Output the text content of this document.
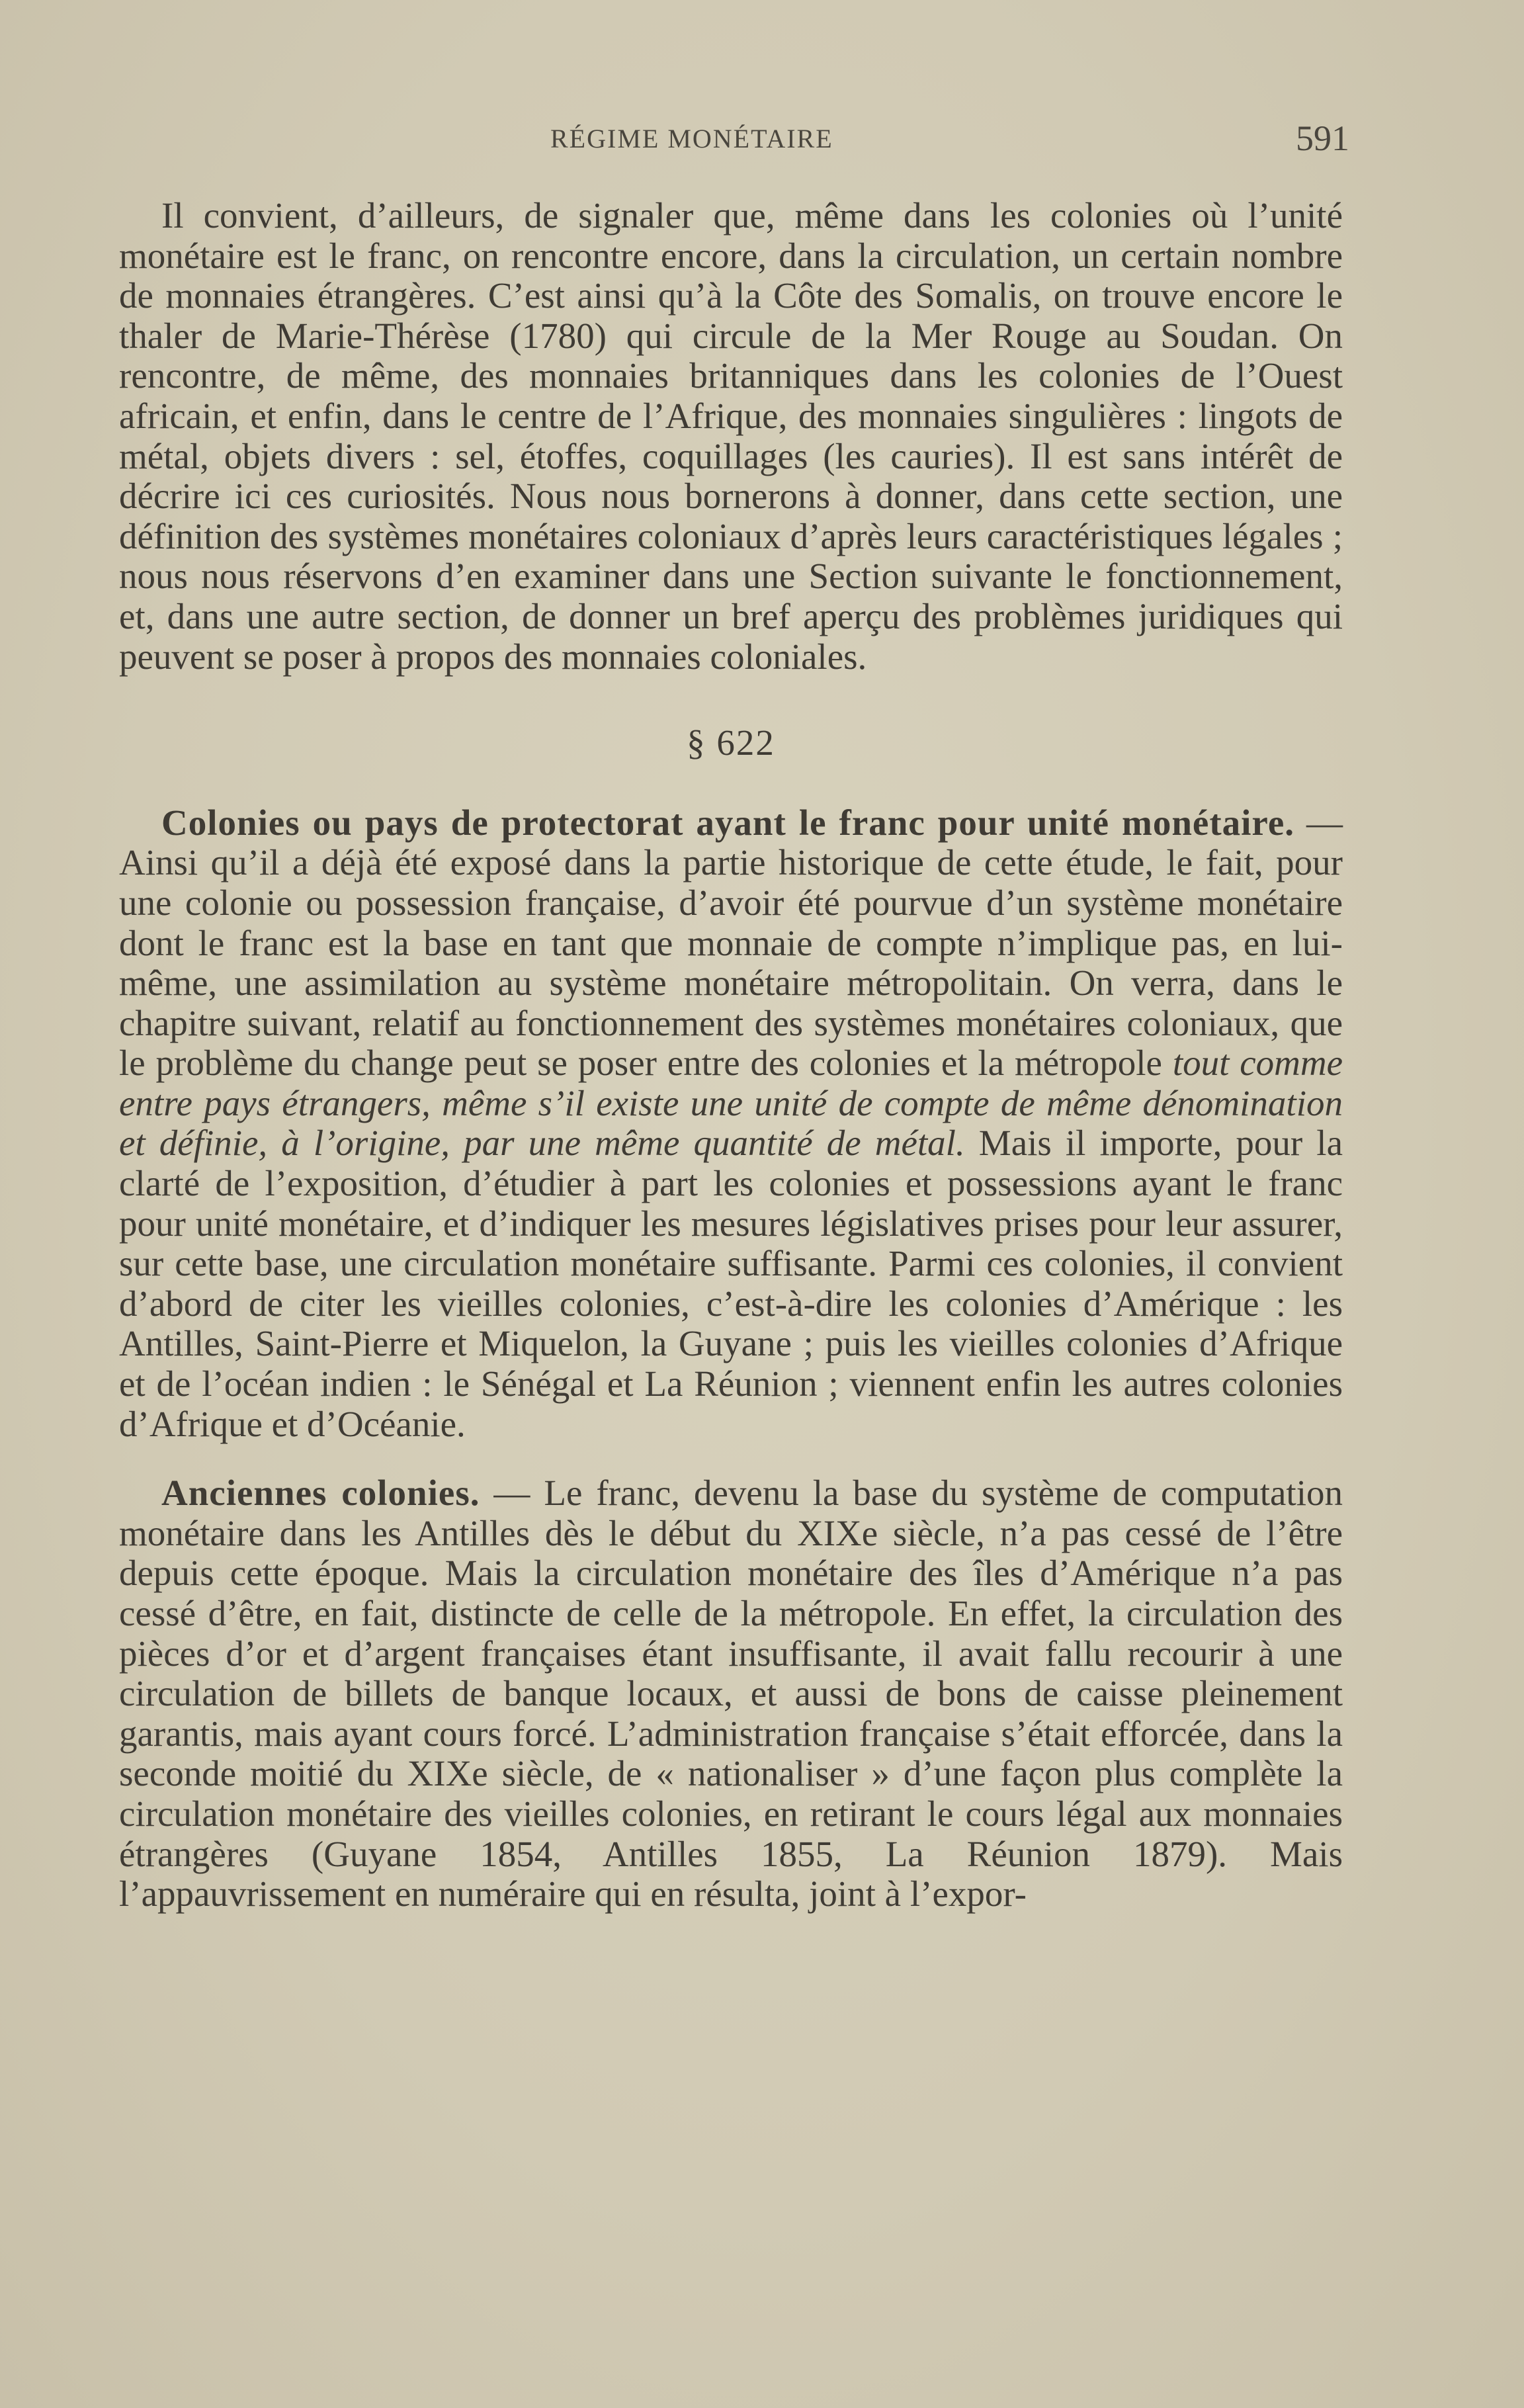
RÉGIME MONÉTAIRE	591

Il convient, d’ailleurs, de signaler que, même dans les colonies où l’unité monétaire est le franc, on rencontre encore, dans la circulation, un certain nombre de monnaies étrangères. C’est ainsi qu’à la Côte des Somalis, on trouve encore le thaler de Marie-Thérèse (1780) qui circule de la Mer Rouge au Soudan. On rencontre, de même, des monnaies britanniques dans les colonies de l’Ouest africain, et enfin, dans le centre de l’Afrique, des monnaies singulières : lingots de métal, objets divers : sel, étoffes, coquillages (les cauries). Il est sans intérêt de décrire ici ces curiosités. Nous nous bornerons à donner, dans cette section, une définition des systèmes monétaires coloniaux d’après leurs caractéristiques légales ; nous nous réservons d’en examiner dans une Section suivante le fonctionnement, et, dans une autre section, de donner un bref aperçu des problèmes juridiques qui peuvent se poser à propos des monnaies coloniales.

§ 622

Colonies ou pays de protectorat ayant le franc pour unité monétaire. — Ainsi qu’il a déjà été exposé dans la partie historique de cette étude, le fait, pour une colonie ou possession française, d’avoir été pourvue d’un système monétaire dont le franc est la base en tant que monnaie de compte n’implique pas, en lui-même, une assimilation au système monétaire métropolitain. On verra, dans le chapitre suivant, relatif au fonctionnement des systèmes monétaires coloniaux, que le problème du change peut se poser entre des colonies et la métropole tout comme entre pays étrangers, même s’il existe une unité de compte de même dénomination et définie, à l’origine, par une même quantité de métal. Mais il importe, pour la clarté de l’exposition, d’étudier à part les colonies et possessions ayant le franc pour unité monétaire, et d’indiquer les mesures législatives prises pour leur assurer, sur cette base, une circulation monétaire suffisante. Parmi ces colonies, il convient d’abord de citer les vieilles colonies, c’est-à-dire les colonies d’Amérique : les Antilles, Saint-Pierre et Miquelon, la Guyane ; puis les vieilles colonies d’Afrique et de l’océan indien : le Sénégal et La Réunion ; viennent enfin les autres colonies d’Afrique et d’Océanie.

Anciennes colonies. — Le franc, devenu la base du système de computation monétaire dans les Antilles dès le début du XIXe siècle, n’a pas cessé de l’être depuis cette époque. Mais la circulation monétaire des îles d’Amérique n’a pas cessé d’être, en fait, distincte de celle de la métropole. En effet, la circulation des pièces d’or et d’argent françaises étant insuffisante, il avait fallu recourir à une circulation de billets de banque locaux, et aussi de bons de caisse pleinement garantis, mais ayant cours forcé. L’administration française s’était efforcée, dans la seconde moitié du XIXe siècle, de « nationaliser » d’une façon plus complète la circulation monétaire des vieilles colonies, en retirant le cours légal aux monnaies étrangères (Guyane 1854, Antilles 1855, La Réunion 1879). Mais l’appauvrissement en numéraire qui en résulta, joint à l’expor-
